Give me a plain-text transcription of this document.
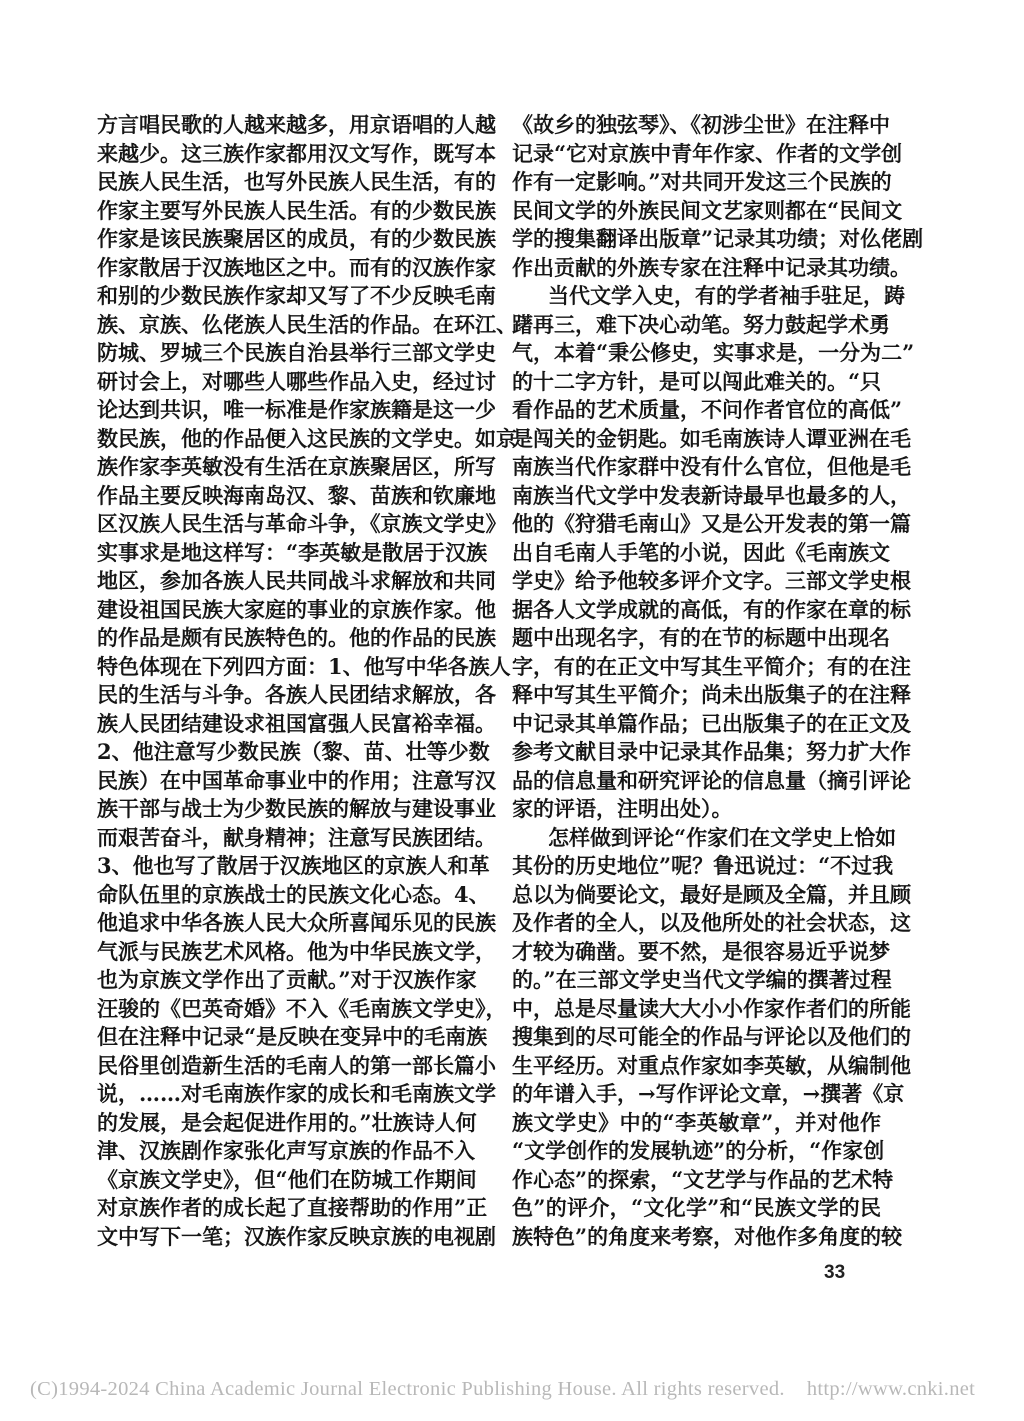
方言唱民歌的人越来越多，用京语唱的人越
来越少。这三族作家都用汉文写作，既写本
民族人民生活，也写外民族人民生活，有的
作家主要写外民族人民生活。有的少数民族
作家是该民族聚居区的成员，有的少数民族
作家散居于汉族地区之中。而有的汉族作家
和别的少数民族作家却又写了不少反映毛南
族、京族、仫佬族人民生活的作品。在环江、
防城、罗城三个民族自治县举行三部文学史
研讨会上，对哪些人哪些作品入史，经过讨
论达到共识，唯一标准是作家族籍是这一少
数民族，他的作品便入这民族的文学史。如京
族作家李英敏没有生活在京族聚居区，所写
作品主要反映海南岛汉、黎、苗族和钦廉地
区汉族人民生活与革命斗争，《京族文学史》
实事求是地这样写：“李英敏是散居于汉族
地区，参加各族人民共同战斗求解放和共同
建设祖国民族大家庭的事业的京族作家。他
的作品是颇有民族特色的。他的作品的民族
特色体现在下列四方面：1、他写中华各族人
民的生活与斗争。各族人民团结求解放，各
族人民团结建设求祖国富强人民富裕幸福。
2、他注意写少数民族（黎、苗、壮等少数
民族）在中国革命事业中的作用；注意写汉
族干部与战士为少数民族的解放与建设事业
而艰苦奋斗，献身精神；注意写民族团结。
3、他也写了散居于汉族地区的京族人和革
命队伍里的京族战士的民族文化心态。4、
他追求中华各族人民大众所喜闻乐见的民族
气派与民族艺术风格。他为中华民族文学，
也为京族文学作出了贡献。”对于汉族作家
汪骏的《巴英奇婚》不入《毛南族文学史》，
但在注释中记录“是反映在变异中的毛南族
民俗里创造新生活的毛南人的第一部长篇小
说，……对毛南族作家的成长和毛南族文学
的发展，是会起促进作用的。”壮族诗人何
津、汉族剧作家张化声写京族的作品不入
《京族文学史》，但“他们在防城工作期间
对京族作者的成长起了直接帮助的作用”正
文中写下一笔；汉族作家反映京族的电视剧
《故乡的独弦琴》、《初涉尘世》在注释中
记录“它对京族中青年作家、作者的文学创
作有一定影响。”对共同开发这三个民族的
民间文学的外族民间文艺家则都在“民间文
学的搜集翻译出版章”记录其功绩；对仫佬剧
作出贡献的外族专家在注释中记录其功绩。
当代文学入史，有的学者袖手驻足，踌
躇再三，难下决心动笔。努力鼓起学术勇
气，本着“秉公修史，实事求是，一分为二”
的十二字方针，是可以闯此难关的。“只
看作品的艺术质量，不问作者官位的高低”
是闯关的金钥匙。如毛南族诗人谭亚洲在毛
南族当代作家群中没有什么官位，但他是毛
南族当代文学中发表新诗最早也最多的人，
他的《狩猎毛南山》又是公开发表的第一篇
出自毛南人手笔的小说，因此《毛南族文
学史》给予他较多评介文字。三部文学史根
据各人文学成就的高低，有的作家在章的标
题中出现名字，有的在节的标题中出现名
字，有的在正文中写其生平简介；有的在注
释中写其生平简介；尚未出版集子的在注释
中记录其单篇作品；已出版集子的在正文及
参考文献目录中记录其作品集；努力扩大作
品的信息量和研究评论的信息量（摘引评论
家的评语，注明出处）。
怎样做到评论“作家们在文学史上恰如
其份的历史地位”呢？鲁迅说过：“不过我
总以为倘要论文，最好是顾及全篇，并且顾
及作者的全人，以及他所处的社会状态，这
才较为确凿。要不然，是很容易近乎说梦
的。”在三部文学史当代文学编的撰著过程
中，总是尽量读大大小小作家作者们的所能
搜集到的尽可能全的作品与评论以及他们的
生平经历。对重点作家如李英敏，从编制他
的年谱入手，→写作评论文章，→撰著《京
族文学史》中的“李英敏章”，并对他作
“文学创作的发展轨迹”的分析，“作家创
作心态”的探索，“文艺学与作品的艺术特
色”的评介，“文化学”和“民族文学的民
族特色”的角度来考察，对他作多角度的较
33
(C)1994-2024 China Academic Journal Electronic Publishing House. All rights reserved. http://www.cnki.net
